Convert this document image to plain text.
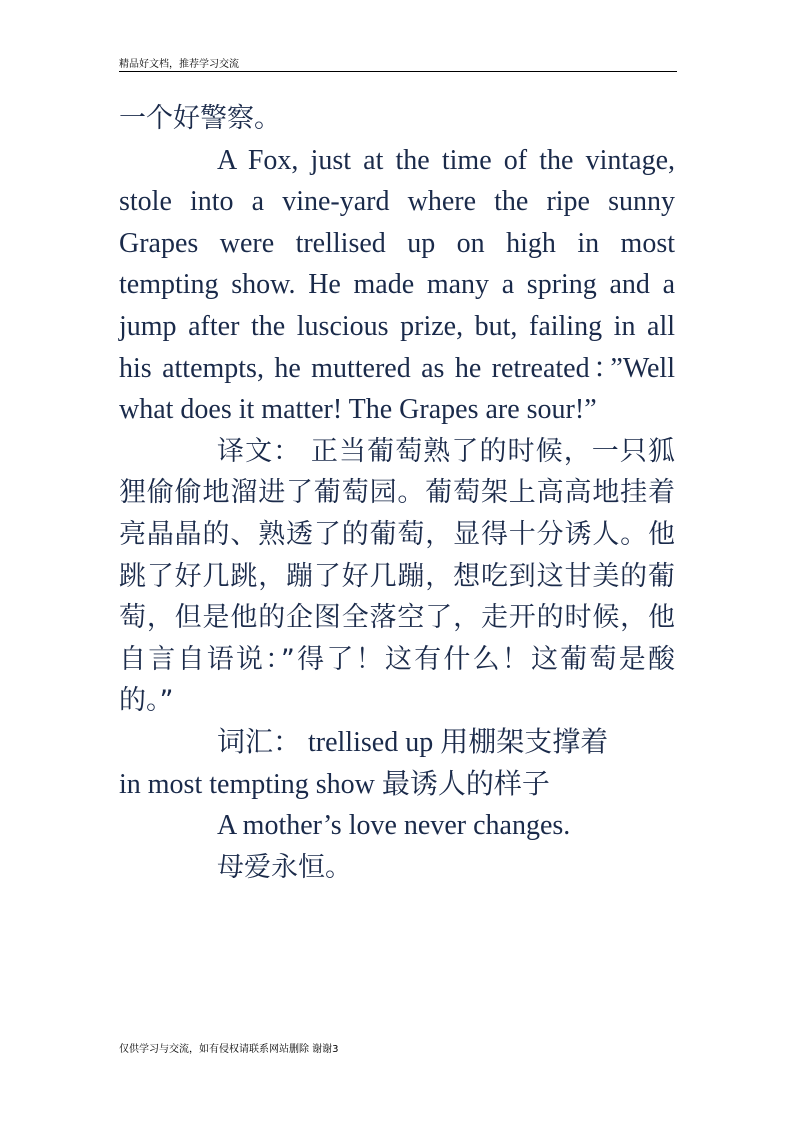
精品好文档，推荐学习交流

一个好警察。

A Fox, just at the time of the vintage, stole into a vine-yard where the ripe sunny Grapes were trellised up on high in most tempting show. He made many a spring and a jump after the luscious prize, but, failing in all his attempts, he muttered as he retreated：”Well what does it matter! The Grapes are sour!”

译文： 正当葡萄熟了的时候，一只狐狸偷偷地溜进了葡萄园。葡萄架上高高地挂着亮晶晶的、熟透了的葡萄，显得十分诱人。他跳了好几跳，蹦了好几蹦，想吃到这甘美的葡萄，但是他的企图全落空了，走开的时候，他自言自语说：”得了！这有什么！这葡萄是酸的。”

词汇： trellised up 用棚架支撑着

in most tempting show 最诱人的样子

A mother’s love never changes.

母爱永恒。

仅供学习与交流，如有侵权请联系网站删除 谢谢3
